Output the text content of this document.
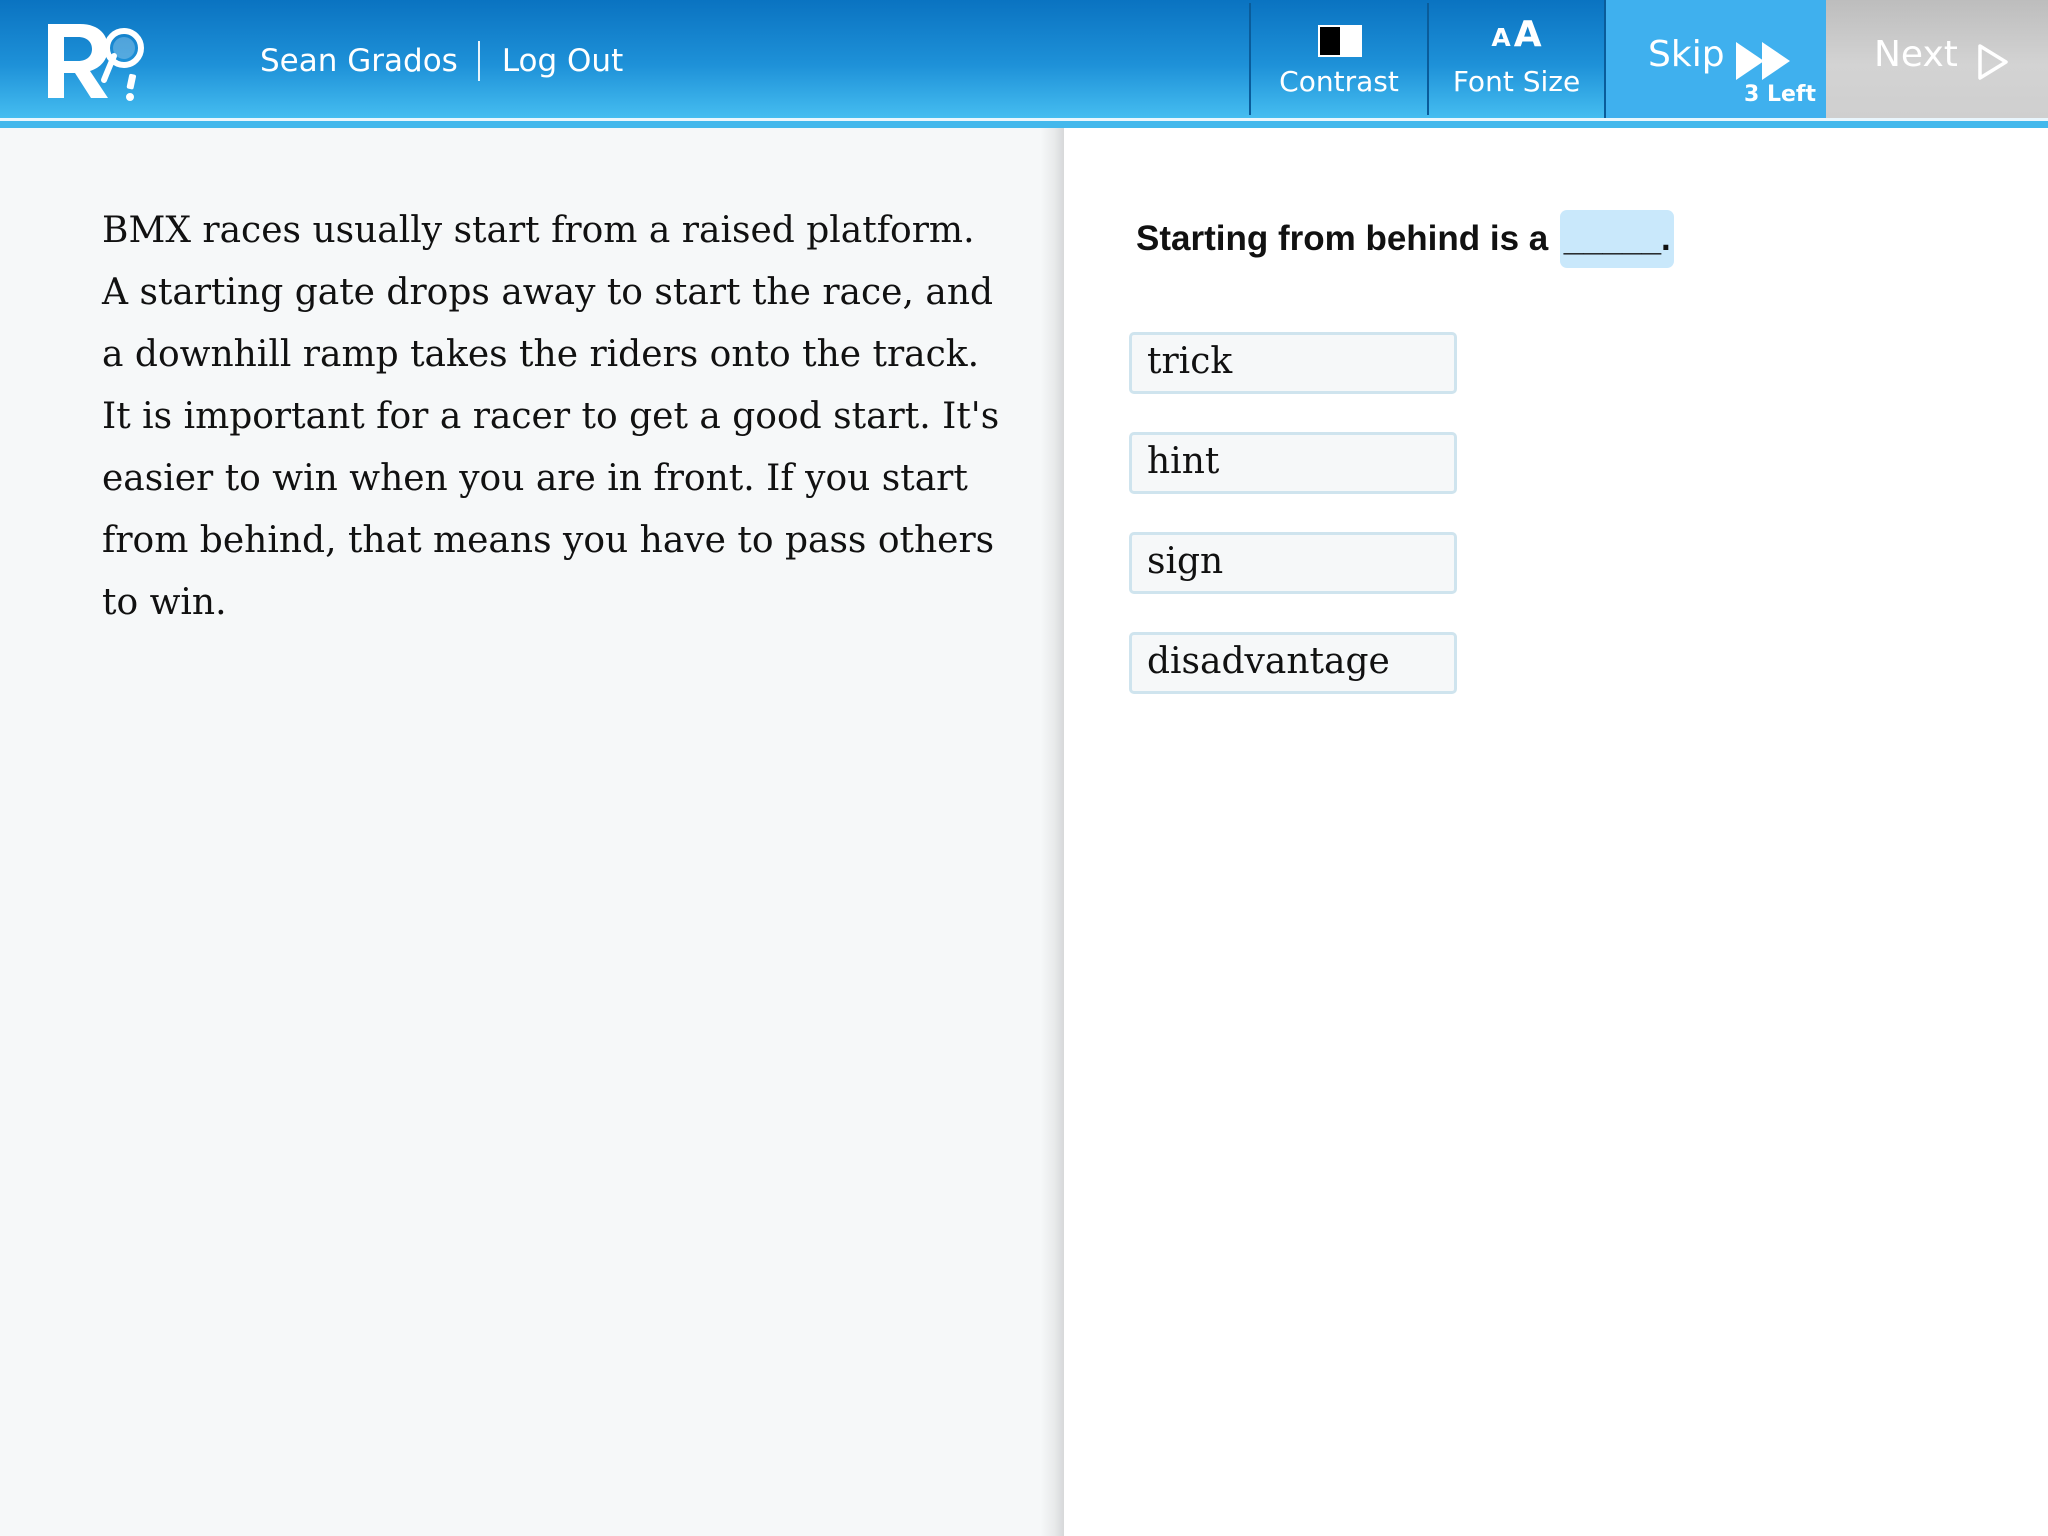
Sean Grados	Log Out
Contrast
AA
Font Size
Skip
3 Left
Next

BMX races usually start from a raised platform. A starting gate drops away to start the race, and a downhill ramp takes the riders onto the track. It is important for a racer to get a good start. It's easier to win when you are in front. If you start from behind, that means you have to pass others to win.

Starting from behind is a _____.
trick
hint
sign
disadvantage
